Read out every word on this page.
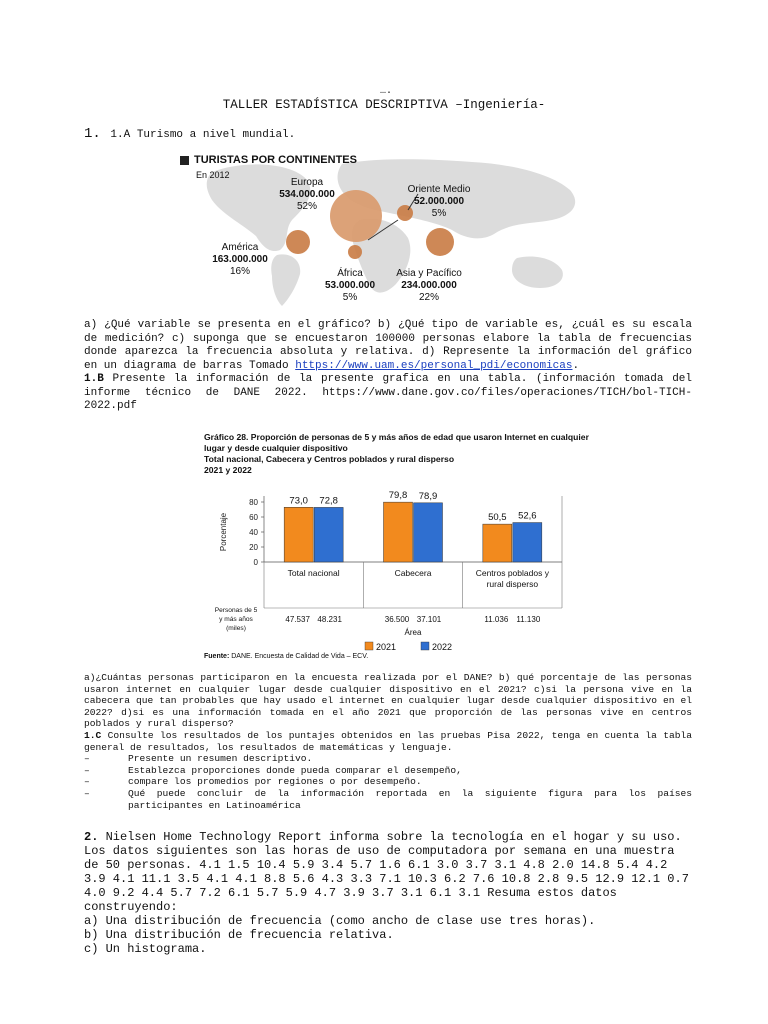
….
TALLER ESTADÍSTICA DESCRIPTIVA –Ingeniería-
1. 1.A Turismo a nivel mundial.
TURISTAS POR CONTINENTES
En 2012
Europa
534.000.000
52%
Oriente Medio
52.000.000
5%
América
163.000.000
16%	África
53.000.000
5%
Asia y Pacífico
234.000.000
22%
a) ¿Qué variable se presenta en el gráfico? b) ¿Qué tipo de variable es, ¿cuál es su escala de medición? c) suponga que se encuestaron 100000 personas elabore la tabla de frecuencias donde aparezca la frecuencia absoluta y relativa. d) Represente la información del gráfico en un diagrama de barras Tomado https://www.uam.es/personal_pdi/economicas.
1.B Presente la información de la presente grafica en una tabla. (información tomada del informe técnico de DANE 2022. https://www.dane.gov.co/files/operaciones/TICH/bol-TICH-2022.pdf
Gráfico 28. Proporción de personas de 5 y más años de edad que usaron Internet en cualquier lugar y desde cualquier dispositivo
Total nacional, Cabecera y Centros poblados y rural disperso
2021 y 2022
0
20
40
60
80
Porcentaje
73,0 72,8
Total nacional
47.537 48.231
79,8 78,9
Cabecera
36.500 37.101
50,5 52,6
Centros poblados y
rural disperso
11.036 11.130
Personas de 5
y más años
(miles)	Área
2021	2022
Fuente: DANE, Encuesta de Calidad de Vida – ECV.
a)¿Cuántas personas participaron en la encuesta realizada por el DANE? b) qué porcentaje de las personas usaron internet en cualquier lugar desde cualquier dispositivo en el 2021? c)si la persona vive en la cabecera que tan probables que hay usado el internet en cualquier lugar desde cualquier dispositivo en el 2022? d)si es una información tomada en el año 2021 que proporción de las personas vive en centros poblados y rural disperso?
1.C Consulte los resultados de los puntajes obtenidos en las pruebas Pisa 2022, tenga en cuenta la tabla general de resultados, los resultados de matemáticas y lenguaje.
– Presente un resumen descriptivo.
– Establezca proporciones donde pueda comparar el desempeño,
– compare los promedios por regiones o por desempeño.
– Qué puede concluir de la información reportada en la siguiente figura para los países participantes en Latinoamérica
2. Nielsen Home Technology Report informa sobre la tecnología en el hogar y su uso. Los datos siguientes son las horas de uso de computadora por semana en una muestra de 50 personas. 4.1 1.5 10.4 5.9 3.4 5.7 1.6 6.1 3.0 3.7 3.1 4.8 2.0 14.8 5.4 4.2 3.9 4.1 11.1 3.5 4.1 4.1 8.8 5.6 4.3 3.3 7.1 10.3 6.2 7.6 10.8 2.8 9.5 12.9 12.1 0.7 4.0 9.2 4.4 5.7 7.2 6.1 5.7 5.9 4.7 3.9 3.7 3.1 6.1 3.1 Resuma estos datos construyendo:
a) Una distribución de frecuencia (como ancho de clase use tres horas).
b) Una distribución de frecuencia relativa.
c) Un histograma.
